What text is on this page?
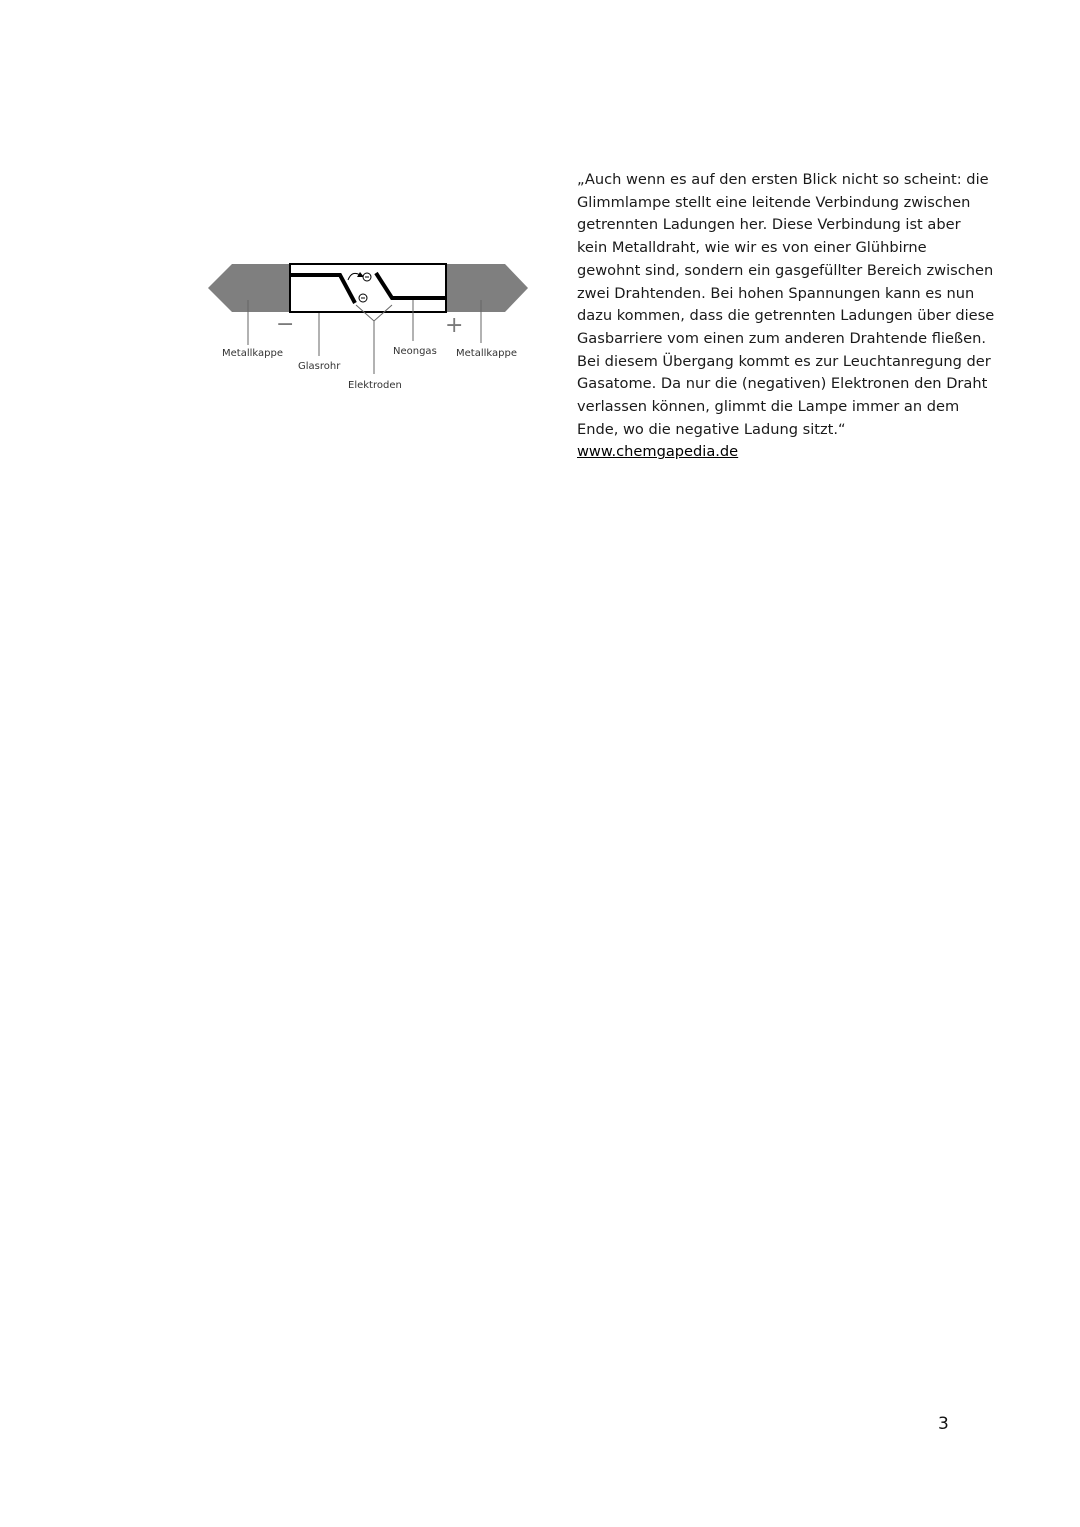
−	+
Metallkappe
Glasrohr
Elektroden
Neongas Metallkappe
„Auch wenn es auf den ersten Blick nicht so scheint: die
Glimmlampe stellt eine leitende Verbindung zwischen
getrennten Ladungen her. Diese Verbindung ist aber
kein Metalldraht, wie wir es von einer Glühbirne
gewohnt sind, sondern ein gasgefüllter Bereich zwischen
zwei Drahtenden. Bei hohen Spannungen kann es nun
dazu kommen, dass die getrennten Ladungen über diese
Gasbarriere vom einen zum anderen Drahtende fließen.
Bei diesem Übergang kommt es zur Leuchtanregung der
Gasatome. Da nur die (negativen) Elektronen den Draht
verlassen können, glimmt die Lampe immer an dem
Ende, wo die negative Ladung sitzt.“
www.chemgapedia.de
3
